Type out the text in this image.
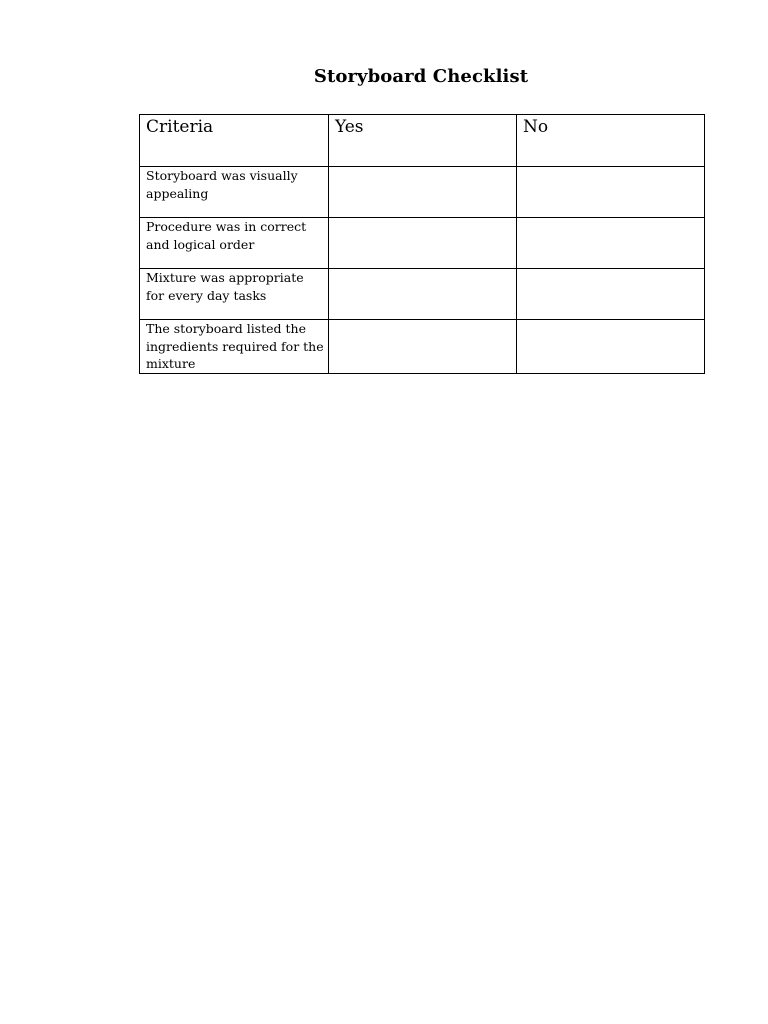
Storyboard Checklist
Criteria	Yes	No
Storyboard was visually appealing		
Procedure was in correct and logical order		
Mixture was appropriate for every day tasks		
The storyboard listed the ingredients required for the mixture		
